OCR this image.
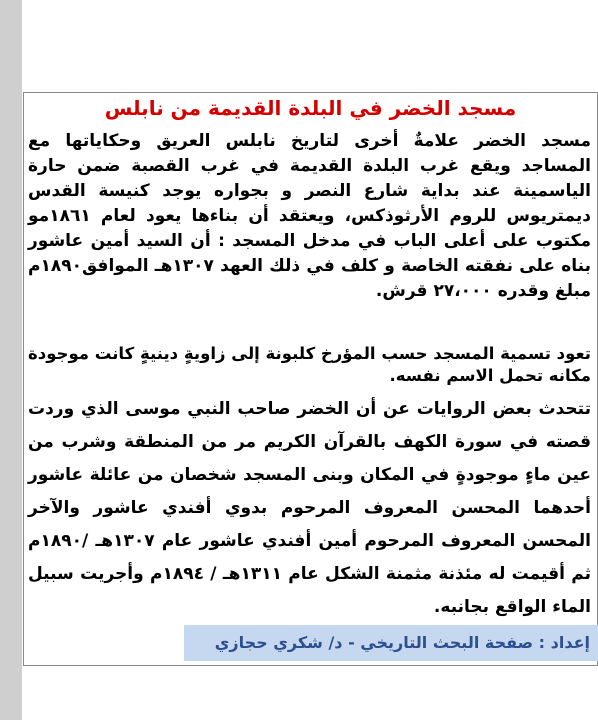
مسجد الخضر في البلدة القديمة من نابلس

مسجد الخضر علامةٌ أخرى لتاريخ نابلس العريق وحكاياتها مع المساجد ويقع غرب البلدة القديمة في غرب القصبة ضمن حارة الياسمينة عند بداية شارع النصر و بجواره يوجد كنيسة القدس ديمتريوس للروم الأرثوذكس، ويعتقد أن بناءها يعود لعام ١٨٦١مو مكتوب على أعلى الباب في مدخل المسجد : أن السيد أمين عاشور بناه على نفقته الخاصة و كلف في ذلك العهد ١٣٠٧هـ الموافق١٨٩٠م مبلغ وقدره ٢٧،٠٠٠ قرش.

تعود تسمية المسجد حسب المؤرخ كلبونة إلى زاويةٍ دينيةٍ كانت موجودة مكانه تحمل الاسم نفسه.

تتحدث بعض الروايات عن أن الخضر صاحب النبي موسى الذي وردت قصته في سورة الكهف بالقرآن الكريم مر من المنطقة وشرب من عين ماءٍ موجودةٍ في المكان وبنى المسجد شخصان من عائلة عاشور أحدهما المحسن المعروف المرحوم بدوي أفندي عاشور والآخر المحسن المعروف المرحوم أمين أفندي عاشور عام ١٣٠٧هـ /١٨٩٠م ثم أقيمت له مئذنة مثمنة الشكل عام ١٣١١هـ / ١٨٩٤م وأجريت سبيل الماء الواقع بجانبه.

إعداد : صفحة البحث التاريخي - د/ شكري حجازي
